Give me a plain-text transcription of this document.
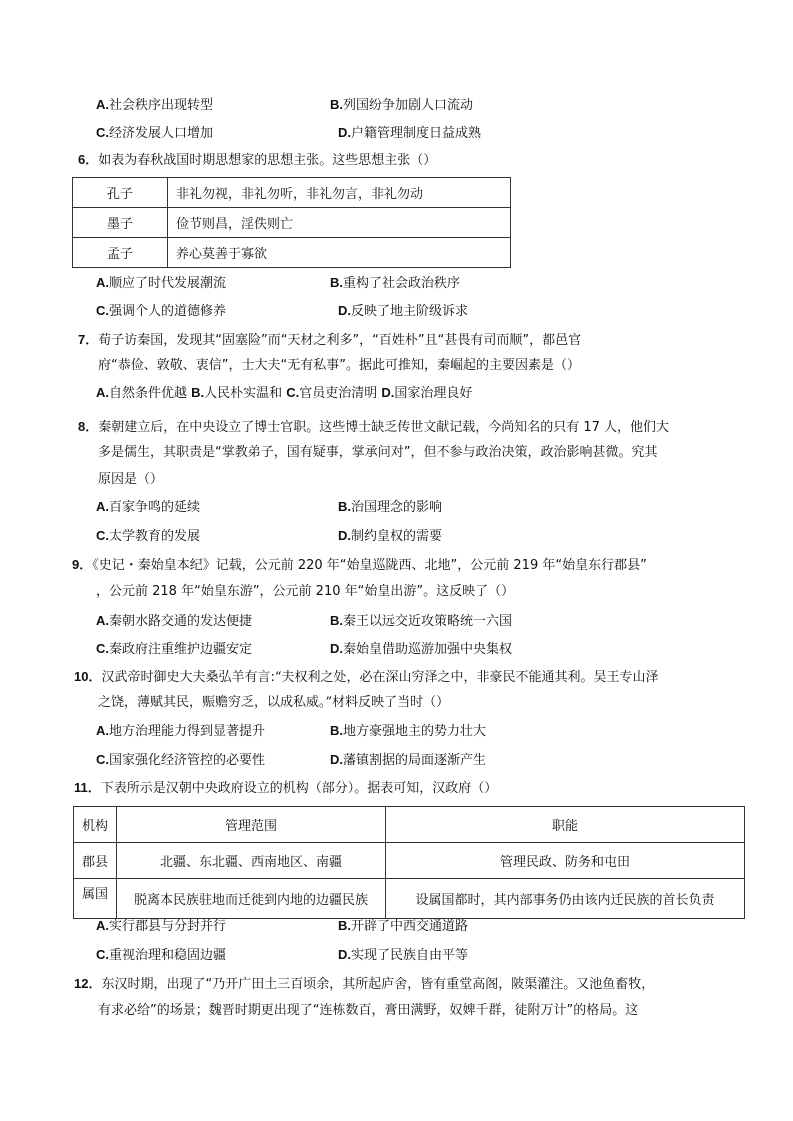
A.社会秩序出现转型	B.列国纷争加剧人口流动
C.经济发展人口增加	D.户籍管理制度日益成熟
6．如表为春秋战国时期思想家的思想主张。这些思想主张（）
孔子	非礼勿视，非礼勿听，非礼勿言，非礼勿动
墨子	俭节则昌，淫佚则亡
孟子	养心莫善于寡欲
A.顺应了时代发展潮流	B.重构了社会政治秩序
C.强调个人的道德修养	D.反映了地主阶级诉求
7．荀子访秦国，发现其“固塞险”而“天材之利多”，“百姓朴”且“甚畏有司而顺”，都邑官
府“恭俭、敦敬、衷信”，士大夫“无有私事”。据此可推知，秦崛起的主要因素是（）
A.自然条件优越 B.人民朴实温和 C.官员吏治清明 D.国家治理良好
8．秦朝建立后，在中央设立了博士官职。这些博士缺乏传世文献记载，今尚知名的只有 17 人，他们大
多是儒生，其职责是“掌教弟子，国有疑事，掌承问对”，但不参与政治决策，政治影响甚微。究其
原因是（）
A.百家争鸣的延续	B.治国理念的影响
C.太学教育的发展	D.制约皇权的需要
9．《史记・秦始皇本纪》记载，公元前 220 年“始皇巡陇西、北地”，公元前 219 年“始皇东行郡县”
，公元前 218 年“始皇东游”，公元前 210 年“始皇出游”。这反映了（）
A.秦朝水路交通的发达便捷	B.秦王以远交近攻策略统一六国
C.秦政府注重维护边疆安定	D.秦始皇借助巡游加强中央集权
10．汉武帝时御史大夫桑弘羊有言:“夫权利之处，必在深山穷泽之中，非豪民不能通其利。吴王专山泽
之饶，薄赋其民，赈赡穷乏，以成私威。”材料反映了当时（）
A.地方治理能力得到显著提升	B.地方豪强地主的势力壮大
C.国家强化经济管控的必要性	D.藩镇割据的局面逐渐产生
11．下表所示是汉朝中央政府设立的机构（部分）。据表可知，汉政府（）
机构	管理范围	职能
郡县	北疆、东北疆、西南地区、南疆	管理民政、防务和屯田
属国	脱离本民族驻地而迁徙到内地的边疆民族	设属国都时，其内部事务仍由该内迁民族的首长负责
A.实行郡县与分封并行	B.开辟了中西交通道路
C.重视治理和稳固边疆	D.实现了民族自由平等
12．东汉时期，出现了“乃开广田土三百顷余，其所起庐舍，皆有重堂高阁，陂渠灌注。又池鱼畜牧，
有求必给”的场景；魏晋时期更出现了“连栋数百，膏田满野，奴婢千群，徒附万计”的格局。这
